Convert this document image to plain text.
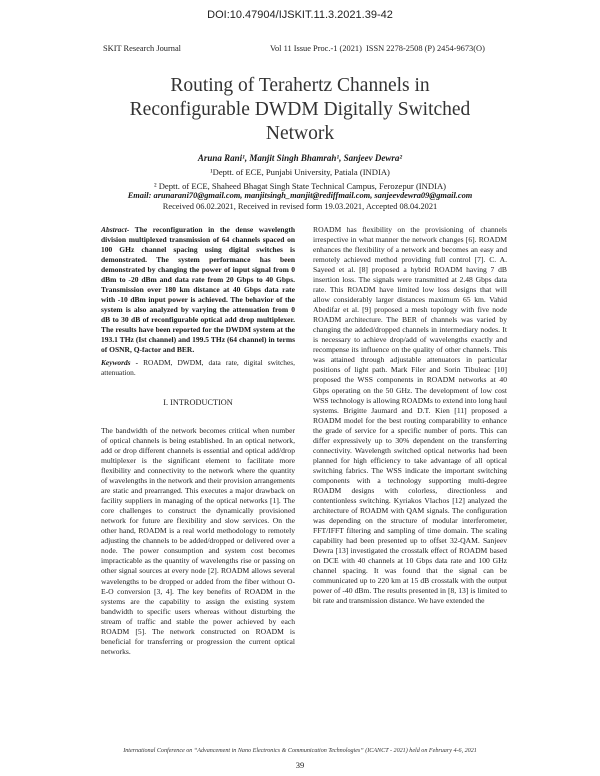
DOI:10.47904/IJSKIT.11.3.2021.39-42
SKIT Research Journal	Vol 11 Issue Proc.-1 (2021) ISSN 2278-2508 (P) 2454-9673(O)
Routing of Terahertz Channels in
Reconfigurable DWDM Digitally Switched
Network
Aruna Rani¹, Manjit Singh Bhamrah¹, Sanjeev Dewra²
¹Deptt. of ECE, Punjabi University, Patiala (INDIA)
² Deptt. of ECE, Shaheed Bhagat Singh State Technical Campus, Ferozepur (INDIA)
Email: arunarani70@gmail.com, manjitsingh_manjit@rediffmail.com, sanjeevdewra09@gmail.com
Received 06.02.2021, Received in revised form 19.03.2021, Accepted 08.04.2021

Abstract- The reconfiguration in the dense wavelength division multiplexed transmission of 64 channels spaced on 100 GHz channel spacing using digital switches is demonstrated. The system performance has been demonstrated by changing the power of input signal from 0 dBm to -20 dBm and data rate from 20 Gbps to 40 Gbps. Transmission over 180 km distance at 40 Gbps data rate with -10 dBm input power is achieved. The behavior of the system is also analyzed by varying the attenuation from 0 dB to 30 dB of reconfigurable optical add drop multiplexer. The results have been reported for the DWDM system at the 193.1 THz (Ist channel) and 199.5 THz (64 channel) in terms of OSNR, Q-factor and BER.

Keywords - ROADM, DWDM, data rate, digital switches, attenuation.

I. INTRODUCTION

The bandwidth of the network becomes critical when number of optical channels is being established. In an optical network, add or drop different channels is essential and optical add/drop multiplexer is the significant element to facilitate more flexibility and connectivity to the network where the quantity of wavelengths in the network and their provision arrangements are static and prearranged. This executes a major drawback on facility suppliers in managing of the optical networks [1]. The core challenges to construct the dynamically provisioned network for future are flexibility and slow services. On the other hand, ROADM is a real world methodology to remotely adjusting the channels to be added/dropped or delivered over a node. The power consumption and system cost becomes impracticable as the quantity of wavelengths rise or passing on other signal sources at every node [2]. ROADM allows several wavelengths to be dropped or added from the fiber without O-E-O conversion [3, 4]. The key benefits of ROADM in the systems are the capability to assign the existing system bandwidth to specific users whereas without disturbing the stream of traffic and stable the power achieved by each ROADM [5]. The network constructed on ROADM is beneficial for transferring or progression the current optical networks.

ROADM has flexibility on the provisioning of channels irrespective in what manner the network changes [6]. ROADM enhances the flexibility of a network and becomes an easy and remotely achieved method providing full control [7]. C. A. Sayeed et al. [8] proposed a hybrid ROADM having 7 dB insertion loss. The signals were transmitted at 2.48 Gbps data rate. This ROADM have limited low loss designs that will allow considerably larger distances maximum 65 km. Vahid Abedifar et al. [9] proposed a mesh topology with five node ROADM architecture. The BER of channels was varied by changing the added/dropped channels in intermediary nodes. It is necessary to achieve drop/add of wavelengths exactly and recompense its influence on the quality of other channels. This was attained through adjustable attenuators in particular positions of light path. Mark Filer and Sorin Tibuleac [10] proposed the WSS components in ROADM networks at 40 Gbps operating on the 50 GHz. The development of low cost WSS technology is allowing ROADMs to extend into long haul systems. Brigitte Jaumard and D.T. Kien [11] proposed a ROADM model for the best routing comparability to enhance the grade of service for a specific number of ports. This can differ expressively up to 30% dependent on the transferring connectivity. Wavelength switched optical networks had been planned for high efficiency to take advantage of all optical switching fabrics. The WSS indicate the important switching components with a technology supporting multi-degree ROADM designs with colorless, directionless and contentionless switching. Kyriakos Vlachos [12] analyzed the architecture of ROADM with QAM signals. The configuration was depending on the structure of modular interferometer, FFT/IFFT filtering and sampling of time domain. The scaling capability had been presented up to offset 32-QAM. Sanjeev Dewra [13] investigated the crosstalk effect of ROADM based on DCE with 40 channels at 10 Gbps data rate and 100 GHz channel spacing. It was found that the signal can be communicated up to 220 km at 15 dB crosstalk with the output power of -40 dBm. The results presented in [8, 13] is limited to bit rate and transmission distance. We have extended the

International Conference on “Advancement in Nano Electronics & Communication Technologies” (ICANCT - 2021) held on February 4-6, 2021
39
